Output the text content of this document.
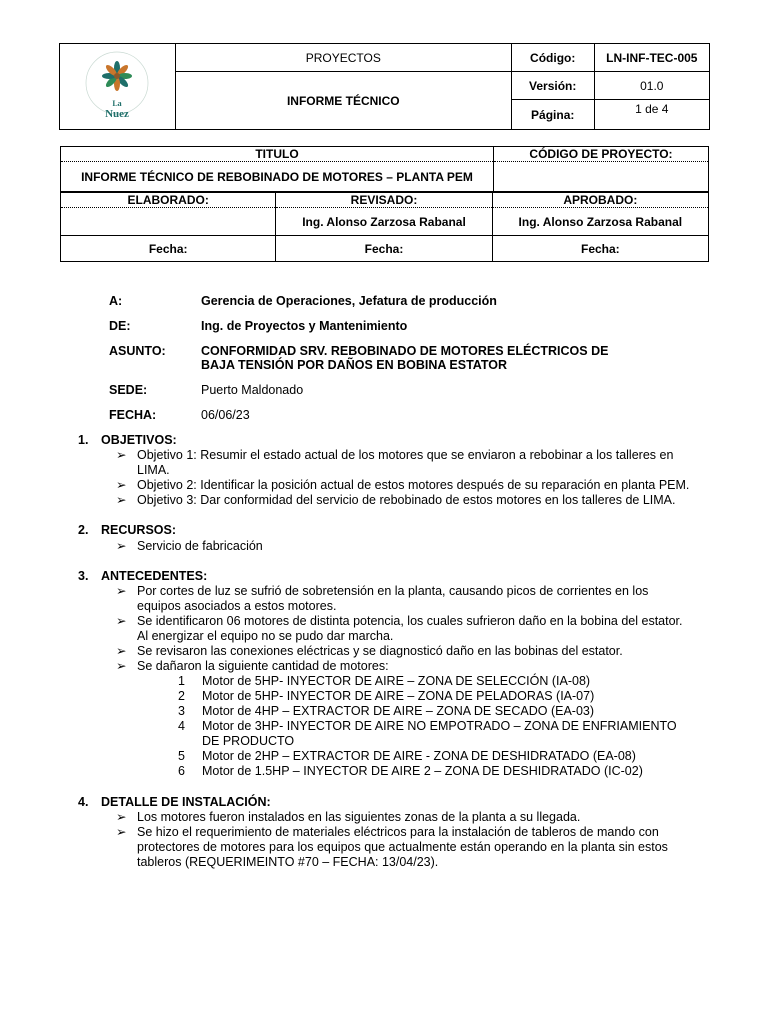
La
Nuez	PROYECTOS	Código:	LN-INF-TEC-005
	INFORME TÉCNICO	Versión:	01.0
		Página:	1 de 4
TITULO	CÓDIGO DE PROYECTO:
INFORME TÉCNICO DE REBOBINADO DE MOTORES – PLANTA PEM	
ELABORADO:	REVISADO:	APROBADO:
	Ing. Alonso Zarzosa Rabanal	Ing. Alonso Zarzosa Rabanal
Fecha:	Fecha:	Fecha:
A:	Gerencia de Operaciones, Jefatura de producción
DE:	Ing. de Proyectos y Mantenimiento
ASUNTO:	CONFORMIDAD SRV. REBOBINADO DE MOTORES ELÉCTRICOS DE
BAJA TENSIÓN POR DAÑOS EN BOBINA ESTATOR
SEDE:	Puerto Maldonado
FECHA:	06/06/23
1. OBJETIVOS:
➢ Objetivo 1: Resumir el estado actual de los motores que se enviaron a rebobinar a los talleres en
LIMA.
➢ Objetivo 2: Identificar la posición actual de estos motores después de su reparación en planta PEM.
➢ Objetivo 3: Dar conformidad del servicio de rebobinado de estos motores en los talleres de LIMA.
2. RECURSOS:
➢ Servicio de fabricación
3. ANTECEDENTES:
➢ Por cortes de luz se sufrió de sobretensión en la planta, causando picos de corrientes en los
equipos asociados a estos motores.
➢ Se identificaron 06 motores de distinta potencia, los cuales sufrieron daño en la bobina del estator.
Al energizar el equipo no se pudo dar marcha.
➢ Se revisaron las conexiones eléctricas y se diagnosticó daño en las bobinas del estator.
➢ Se dañaron la siguiente cantidad de motores:
1 Motor de 5HP- INYECTOR DE AIRE – ZONA DE SELECCIÓN (IA-08)
2 Motor de 5HP- INYECTOR DE AIRE – ZONA DE PELADORAS (IA-07)
3 Motor de 4HP – EXTRACTOR DE AIRE – ZONA DE SECADO (EA-03)
4 Motor de 3HP- INYECTOR DE AIRE NO EMPOTRADO – ZONA DE ENFRIAMIENTO
DE PRODUCTO
5 Motor de 2HP – EXTRACTOR DE AIRE - ZONA DE DESHIDRATADO (EA-08)
6 Motor de 1.5HP – INYECTOR DE AIRE 2 – ZONA DE DESHIDRATADO (IC-02)
4. DETALLE DE INSTALACIÓN:
➢ Los motores fueron instalados en las siguientes zonas de la planta a su llegada.
➢ Se hizo el requerimiento de materiales eléctricos para la instalación de tableros de mando con
protectores de motores para los equipos que actualmente están operando en la planta sin estos
tableros (REQUERIMEINTO #70 – FECHA: 13/04/23).
